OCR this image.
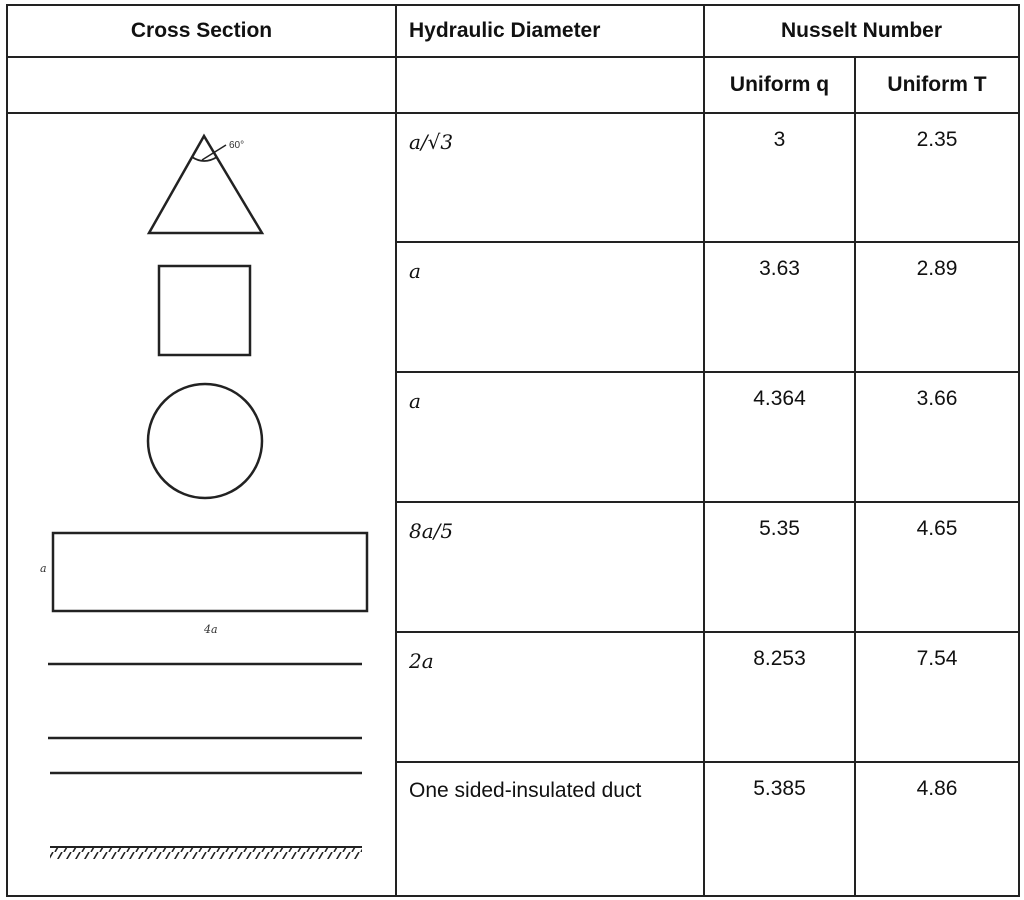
Cross Section	Hydraulic Diameter	Nusselt Number
Uniform q	Uniform T
60°
a
4a
a/√3	3	2.35
a	3.63	2.89
a	4.364	3.66
8a/5	5.35	4.65
2a	8.253	7.54
One sided-insulated duct	5.385	4.86
